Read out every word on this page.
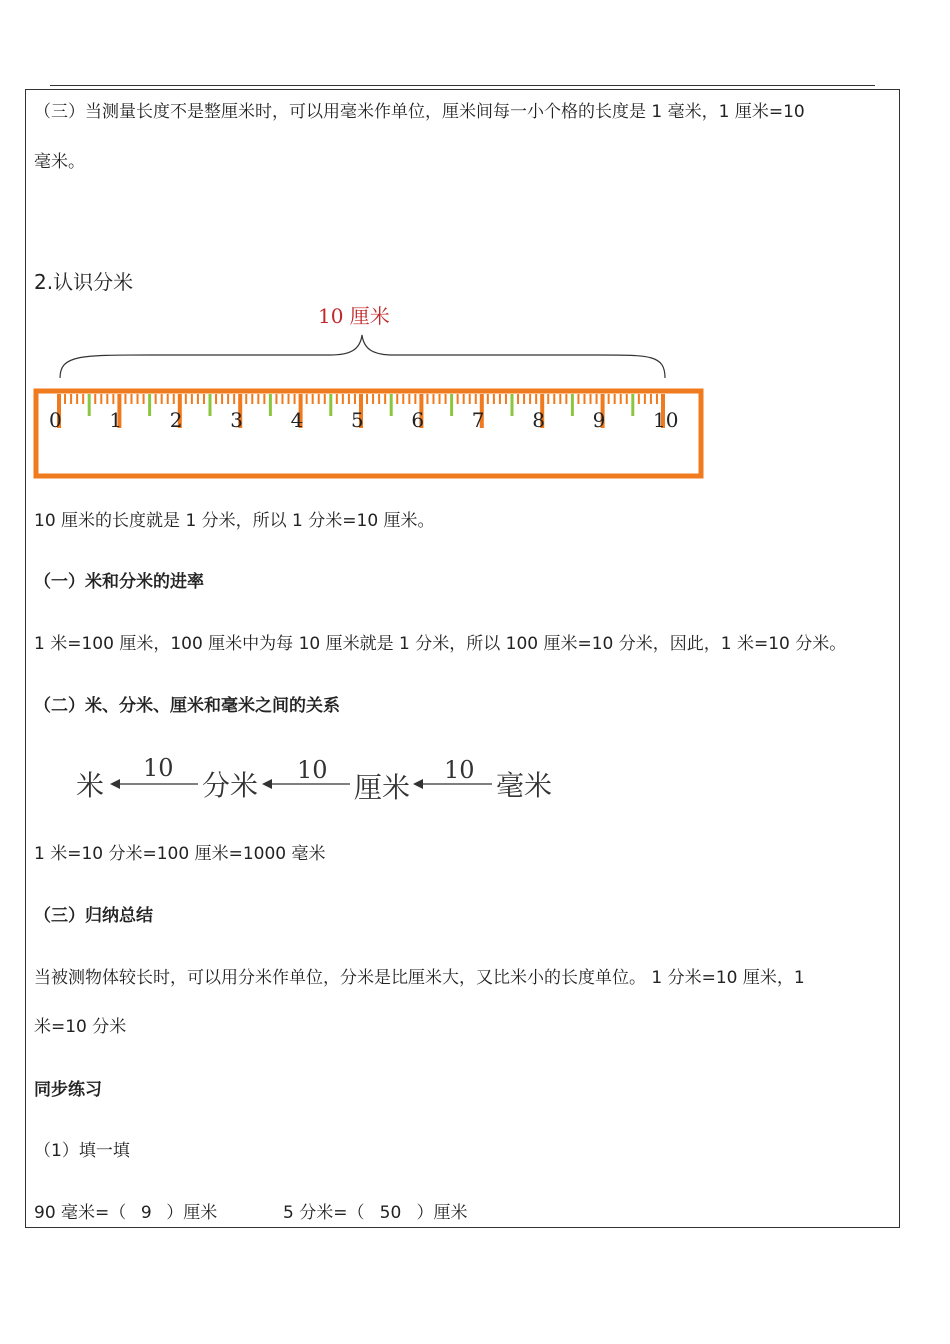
（三）当测量长度不是整厘米时，可以用毫米作单位，厘米间每一小个格的长度是 1 毫米，1 厘米=10
毫米。
2.认识分米
10 厘米
0 1 2 3 4 5 6 7 8 9 10
10 厘米的长度就是 1 分米，所以 1 分米=10 厘米。
（一）米和分米的进率
1 米=100 厘米，100 厘米中为每 10 厘米就是 1 分米，所以 100 厘米=10 分米，因此，1 米=10 分米。
（二）米、分米、厘米和毫米之间的关系
米	分米	厘米	毫米
10	10	10
1 米=10 分米=100 厘米=1000 毫米
（三）归纳总结
当被测物体较长时，可以用分米作单位，分米是比厘米大，又比米小的长度单位。 1 分米=10 厘米，1
米=10 分米
同步练习
（1）填一填
90 毫米=（ 9 ）厘米	5 分米=（ 50 ）厘米
